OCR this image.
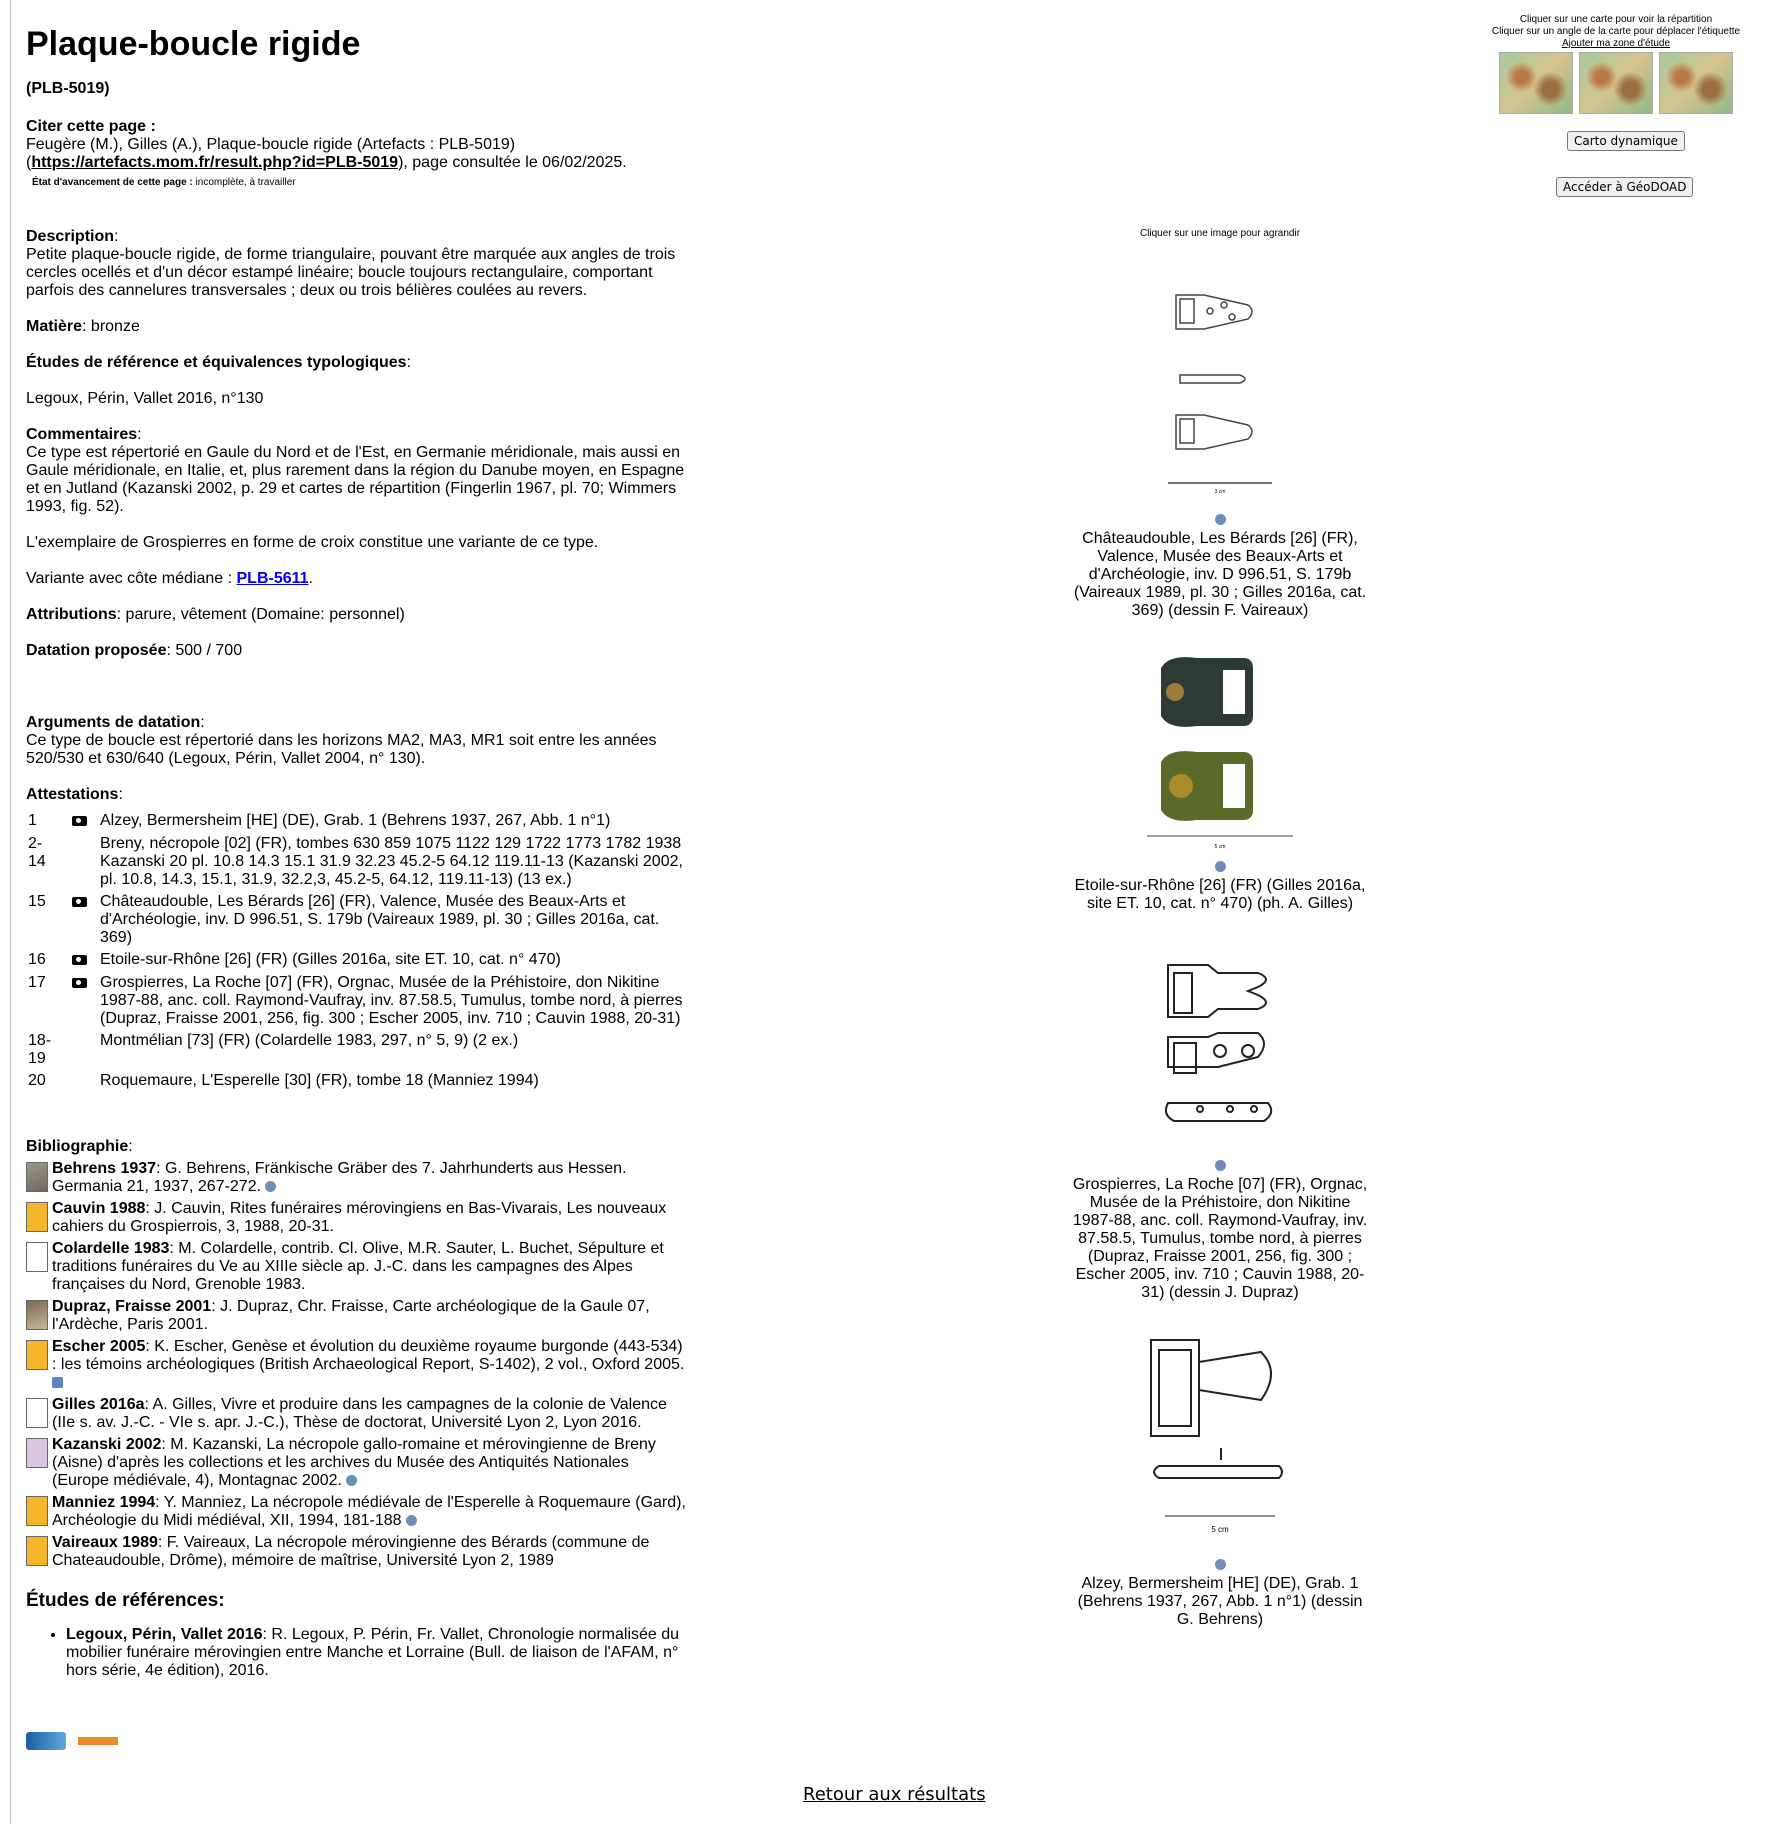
Plaque-boucle rigide
(PLB-5019)
Citer cette page :
Feugère (M.), Gilles (A.), Plaque-boucle rigide (Artefacts : PLB-5019)
(https://artefacts.mom.fr/result.php?id=PLB-5019), page consultée le 06/02/2025.
État d'avancement de cette page : incomplète, à travailler
Description:
Petite plaque-boucle rigide, de forme triangulaire, pouvant être marquée aux angles de trois cercles ocellés et d'un décor estampé linéaire; boucle toujours rectangulaire, comportant parfois des cannelures transversales ; deux ou trois bélières coulées au revers.
Matière: bronze
Études de référence et équivalences typologiques:

Legoux, Périn, Vallet 2016, n°130
Commentaires:
Ce type est répertorié en Gaule du Nord et de l'Est, en Germanie méridionale, mais aussi en Gaule méridionale, en Italie, et, plus rarement dans la région du Danube moyen, en Espagne et en Jutland (Kazanski 2002, p. 29 et cartes de répartition (Fingerlin 1967, pl. 70; Wimmers 1993, fig. 52).

L'exemplaire de Grospierres en forme de croix constitue une variante de ce type.

Variante avec côte médiane : PLB-5611.
Attributions: parure, vêtement (Domaine: personnel)
Datation proposée: 500 / 700
Arguments de datation:
Ce type de boucle est répertorié dans les horizons MA2, MA3, MR1 soit entre les années 520/530 et 630/640 (Legoux, Périn, Vallet 2004, n° 130).
Attestations:
1		Alzey, Bermersheim [HE] (DE), Grab. 1 (Behrens 1937, 267, Abb. 1 n°1)
2-14		Breny, nécropole [02] (FR), tombes 630 859 1075 1122 129 1722 1773 1782 1938 Kazanski 20 pl. 10.8 14.3 15.1 31.9 32.23 45.2-5 64.12 119.11-13 (Kazanski 2002, pl. 10.8, 14.3, 15.1, 31.9, 32.2,3, 45.2-5, 64.12, 119.11-13) (13 ex.)
15		Châteaudouble, Les Bérards [26] (FR), Valence, Musée des Beaux-Arts et d'Archéologie, inv. D 996.51, S. 179b (Vaireaux 1989, pl. 30 ; Gilles 2016a, cat. 369)
16		Etoile-sur-Rhône [26] (FR) (Gilles 2016a, site ET. 10, cat. n° 470)
17		Grospierres, La Roche [07] (FR), Orgnac, Musée de la Préhistoire, don Nikitine 1987-88, anc. coll. Raymond-Vaufray, inv. 87.58.5, Tumulus, tombe nord, à pierres (Dupraz, Fraisse 2001, 256, fig. 300 ; Escher 2005, inv. 710 ; Cauvin 1988, 20-31)
18-19		Montmélian [73] (FR) (Colardelle 1983, 297, n° 5, 9) (2 ex.)
20		Roquemaure, L'Esperelle [30] (FR), tombe 18 (Manniez 1994)
Bibliographie:
Behrens 1937: G. Behrens, Fränkische Gräber des 7. Jahrhunderts aus Hessen. Germania 21, 1937, 267-272.
Cauvin 1988: J. Cauvin, Rites funéraires mérovingiens en Bas-Vivarais, Les nouveaux cahiers du Grospierrois, 3, 1988, 20-31.
Colardelle 1983: M. Colardelle, contrib. Cl. Olive, M.R. Sauter, L. Buchet, Sépulture et traditions funéraires du Ve au XIIIe siècle ap. J.-C. dans les campagnes des Alpes françaises du Nord, Grenoble 1983.
Dupraz, Fraisse 2001: J. Dupraz, Chr. Fraisse, Carte archéologique de la Gaule 07, l'Ardèche, Paris 2001.
Escher 2005: K. Escher, Genèse et évolution du deuxième royaume burgonde (443-534) : les témoins archéologiques (British Archaeological Report, S-1402), 2 vol., Oxford 2005.
Gilles 2016a: A. Gilles, Vivre et produire dans les campagnes de la colonie de Valence (IIe s. av. J.-C. - VIe s. apr. J.-C.), Thèse de doctorat, Université Lyon 2, Lyon 2016.
Kazanski 2002: M. Kazanski, La nécropole gallo-romaine et mérovingienne de Breny (Aisne) d'après les collections et les archives du Musée des Antiquités Nationales (Europe médiévale, 4), Montagnac 2002.
Manniez 1994: Y. Manniez, La nécropole médiévale de l'Esperelle à Roquemaure (Gard), Archéologie du Midi médiéval, XII, 1994, 181-188
Vaireaux 1989: F. Vaireaux, La nécropole mérovingienne des Bérards (commune de Chateaudouble, Drôme), mémoire de maîtrise, Université Lyon 2, 1989
Études de références:
• Legoux, Périn, Vallet 2016: R. Legoux, P. Périn, Fr. Vallet, Chronologie normalisée du mobilier funéraire mérovingien entre Manche et Lorraine (Bull. de liaison de l'AFAM, n° hors série, 4e édition), 2016.
Cliquer sur une image pour agrandir
3 cm
Châteaudouble, Les Bérards [26] (FR), Valence, Musée des Beaux-Arts et d'Archéologie, inv. D 996.51, S. 179b (Vaireaux 1989, pl. 30 ; Gilles 2016a, cat. 369) (dessin F. Vaireaux)
5 cm
Etoile-sur-Rhône [26] (FR) (Gilles 2016a, site ET. 10, cat. n° 470) (ph. A. Gilles)
Grospierres, La Roche [07] (FR), Orgnac, Musée de la Préhistoire, don Nikitine 1987-88, anc. coll. Raymond-Vaufray, inv. 87.58.5, Tumulus, tombe nord, à pierres (Dupraz, Fraisse 2001, 256, fig. 300 ; Escher 2005, inv. 710 ; Cauvin 1988, 20-31) (dessin J. Dupraz)
5 cm
Alzey, Bermersheim [HE] (DE), Grab. 1 (Behrens 1937, 267, Abb. 1 n°1) (dessin G. Behrens)
Cliquer sur une carte pour voir la répartition
Cliquer sur un angle de la carte pour déplacer l'étiquette
Ajouter ma zone d'étude
Carto dynamique
Accéder à GéoDOAD
Retour aux résultats
